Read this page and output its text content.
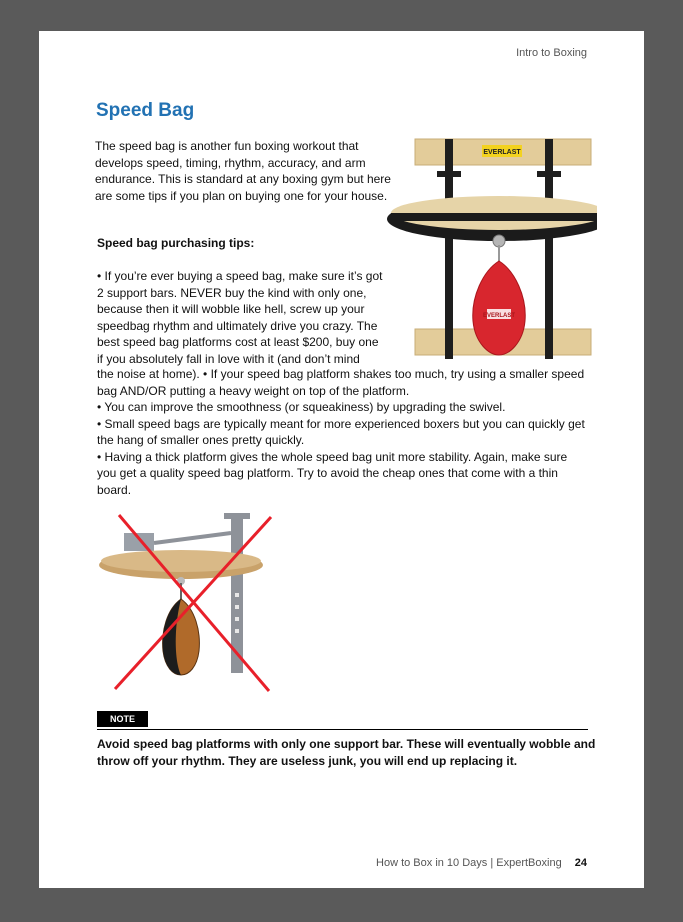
Intro to Boxing
Speed Bag

The speed bag is another fun boxing workout that develops speed, timing, rhythm, accuracy, and arm endurance. This is standard at any boxing gym but here are some tips if you plan on buying one for your house.

Speed bag purchasing tips:

• If you’re ever buying a speed bag, make sure it’s got 2 support bars. NEVER buy the kind with only one, because then it will wobble like hell, screw up your speedbag rhythm and ultimately drive you crazy. The best speed bag platforms cost at least $200, buy one if you absolutely fall in love with it (and don’t mind

the noise at home). • If your speed bag platform shakes too much, try using a smaller speed bag AND/OR putting a heavy weight on top of the platform.

• You can improve the smoothness (or squeakiness) by upgrading the swivel.

• Small speed bags are typically meant for more experienced boxers but you can quickly get the hang of smaller ones pretty quickly.

• Having a thick platform gives the whole speed bag unit more stability. Again, make sure you get a quality speed bag platform. Try to avoid the cheap ones that come with a thin board.

EVERLAST
EVERLAST
NOTE

Avoid speed bag platforms with only one support bar. These will eventually wobble and throw off your rhythm. They are useless junk, you will end up replacing it.

How to Box in 10 Days | ExpertBoxing 24
